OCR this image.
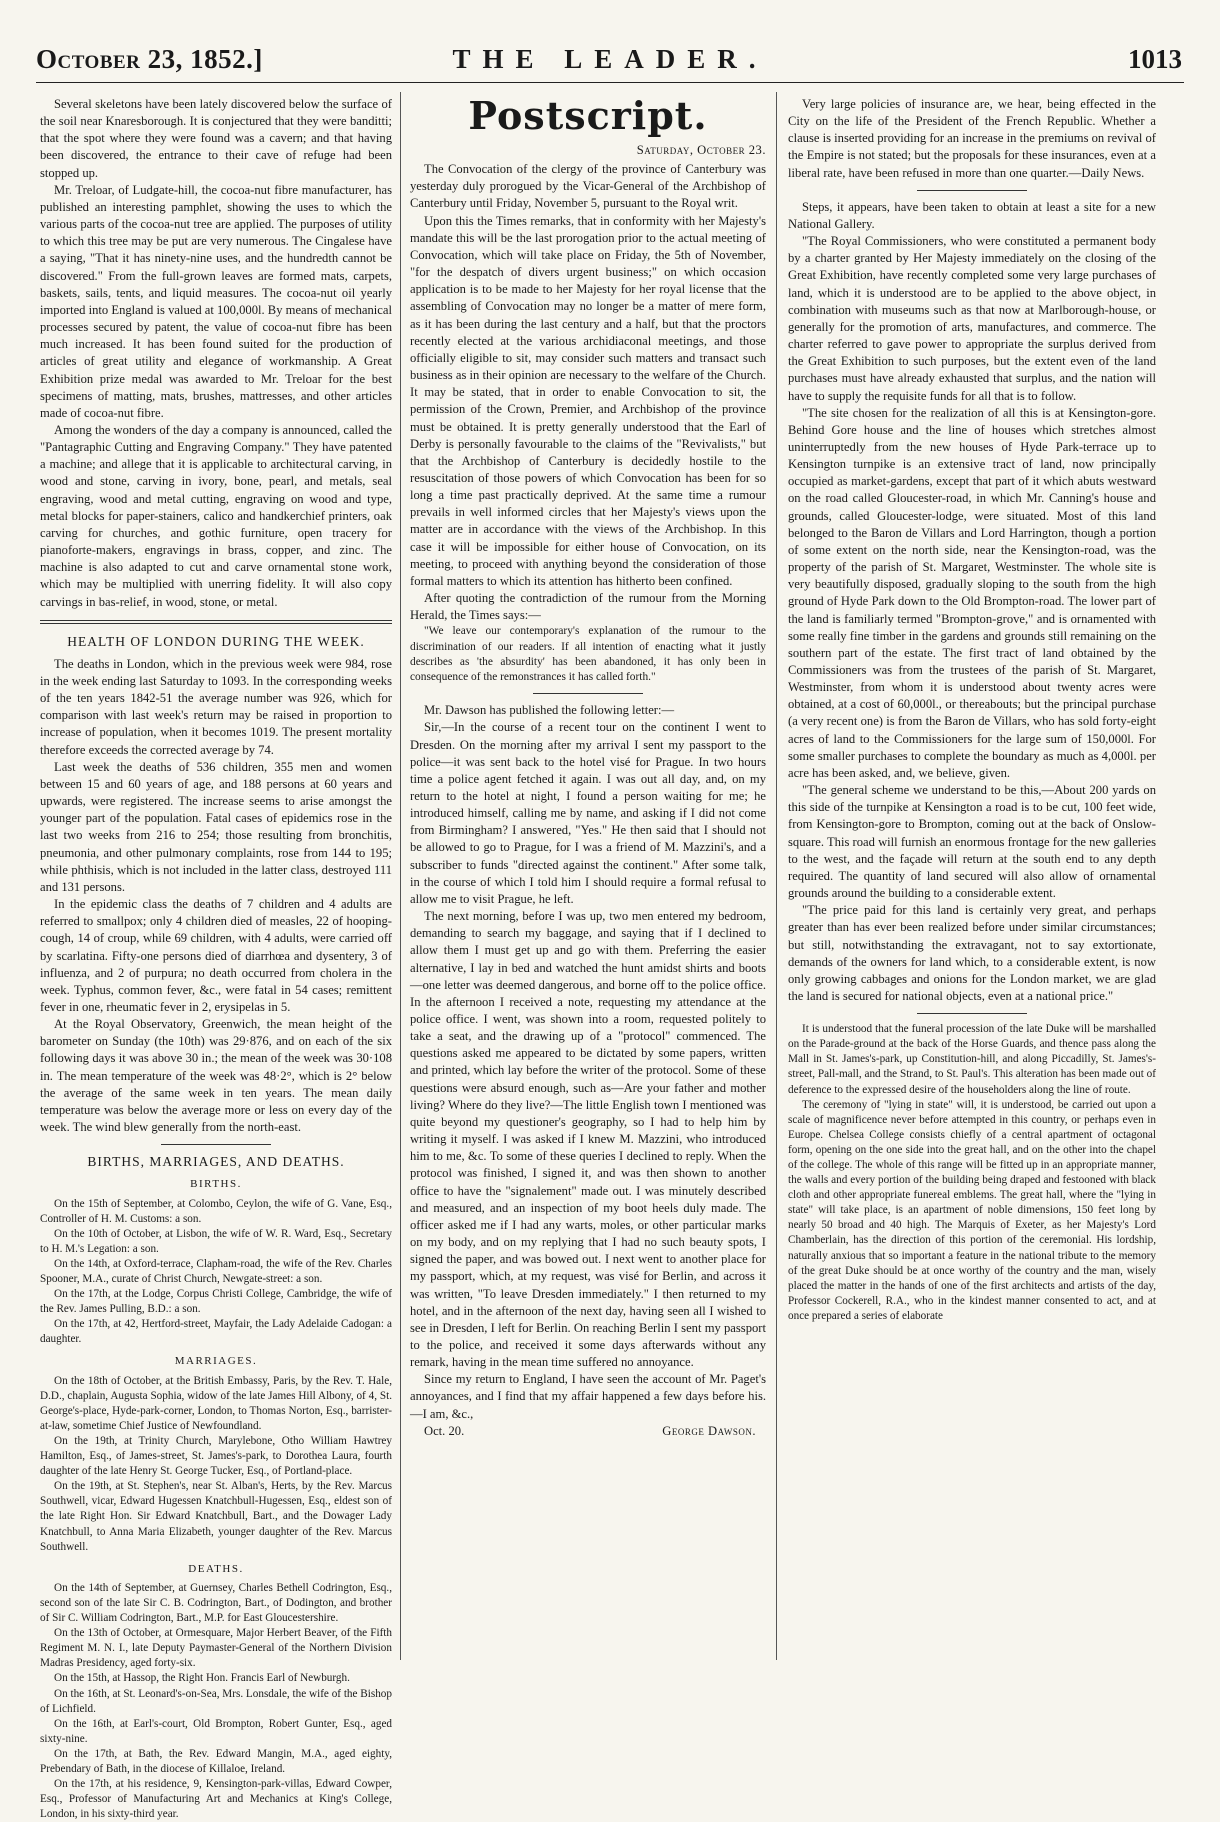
October 23, 1852.]	THE LEADER.	1013

Several skeletons have been lately discovered below the surface of the soil near Knaresborough. It is conjectured that they were banditti; that the spot where they were found was a cavern; and that having been discovered, the entrance to their cave of refuge had been stopped up.

Mr. Treloar, of Ludgate-hill, the cocoa-nut fibre manufacturer, has published an interesting pamphlet, showing the uses to which the various parts of the cocoa-nut tree are applied. The purposes of utility to which this tree may be put are very numerous. The Cingalese have a saying, "That it has ninety-nine uses, and the hundredth cannot be discovered." From the full-grown leaves are formed mats, carpets, baskets, sails, tents, and liquid measures. The cocoa-nut oil yearly imported into England is valued at 100,000l. By means of mechanical processes secured by patent, the value of cocoa-nut fibre has been much increased. It has been found suited for the production of articles of great utility and elegance of workmanship. A Great Exhibition prize medal was awarded to Mr. Treloar for the best specimens of matting, mats, brushes, mattresses, and other articles made of cocoa-nut fibre.

Among the wonders of the day a company is announced, called the "Pantagraphic Cutting and Engraving Company." They have patented a machine; and allege that it is applicable to architectural carving, in wood and stone, carving in ivory, bone, pearl, and metals, seal engraving, wood and metal cutting, engraving on wood and type, metal blocks for paper-stainers, calico and handkerchief printers, oak carving for churches, and gothic furniture, open tracery for pianoforte-makers, engravings in brass, copper, and zinc. The machine is also adapted to cut and carve ornamental stone work, which may be multiplied with unerring fidelity. It will also copy carvings in bas-relief, in wood, stone, or metal.

HEALTH OF LONDON DURING THE WEEK.

The deaths in London, which in the previous week were 984, rose in the week ending last Saturday to 1093. In the corresponding weeks of the ten years 1842-51 the average number was 926, which for comparison with last week's return may be raised in proportion to increase of population, when it becomes 1019. The present mortality therefore exceeds the corrected average by 74.

Last week the deaths of 536 children, 355 men and women between 15 and 60 years of age, and 188 persons at 60 years and upwards, were registered. The increase seems to arise amongst the younger part of the population. Fatal cases of epidemics rose in the last two weeks from 216 to 254; those resulting from bronchitis, pneumonia, and other pulmonary complaints, rose from 144 to 195; while phthisis, which is not included in the latter class, destroyed 111 and 131 persons.

In the epidemic class the deaths of 7 children and 4 adults are referred to smallpox; only 4 children died of measles, 22 of hooping-cough, 14 of croup, while 69 children, with 4 adults, were carried off by scarlatina. Fifty-one persons died of diarrhœa and dysentery, 3 of influenza, and 2 of purpura; no death occurred from cholera in the week. Typhus, common fever, &c., were fatal in 54 cases; remittent fever in one, rheumatic fever in 2, erysipelas in 5.

At the Royal Observatory, Greenwich, the mean height of the barometer on Sunday (the 10th) was 29·876, and on each of the six following days it was above 30 in.; the mean of the week was 30·108 in. The mean temperature of the week was 48·2°, which is 2° below the average of the same week in ten years. The mean daily temperature was below the average more or less on every day of the week. The wind blew generally from the north-east.

BIRTHS, MARRIAGES, AND DEATHS.
BIRTHS.

On the 15th of September, at Colombo, Ceylon, the wife of G. Vane, Esq., Controller of H. M. Customs: a son.

On the 10th of October, at Lisbon, the wife of W. R. Ward, Esq., Secretary to H. M.'s Legation: a son.

On the 14th, at Oxford-terrace, Clapham-road, the wife of the Rev. Charles Spooner, M.A., curate of Christ Church, Newgate-street: a son.

On the 17th, at the Lodge, Corpus Christi College, Cambridge, the wife of the Rev. James Pulling, B.D.: a son.

On the 17th, at 42, Hertford-street, Mayfair, the Lady Adelaide Cadogan: a daughter.

MARRIAGES.

On the 18th of October, at the British Embassy, Paris, by the Rev. T. Hale, D.D., chaplain, Augusta Sophia, widow of the late James Hill Albony, of 4, St. George's-place, Hyde-park-corner, London, to Thomas Norton, Esq., barrister-at-law, sometime Chief Justice of Newfoundland.

On the 19th, at Trinity Church, Marylebone, Otho William Hawtrey Hamilton, Esq., of James-street, St. James's-park, to Dorothea Laura, fourth daughter of the late Henry St. George Tucker, Esq., of Portland-place.

On the 19th, at St. Stephen's, near St. Alban's, Herts, by the Rev. Marcus Southwell, vicar, Edward Hugessen Knatchbull-Hugessen, Esq., eldest son of the late Right Hon. Sir Edward Knatchbull, Bart., and the Dowager Lady Knatchbull, to Anna Maria Elizabeth, younger daughter of the Rev. Marcus Southwell.

DEATHS.

On the 14th of September, at Guernsey, Charles Bethell Codrington, Esq., second son of the late Sir C. B. Codrington, Bart., of Dodington, and brother of Sir C. William Codrington, Bart., M.P. for East Gloucestershire.

On the 13th of October, at Ormesquare, Major Herbert Beaver, of the Fifth Regiment M. N. I., late Deputy Paymaster-General of the Northern Division Madras Presidency, aged forty-six.

On the 15th, at Hassop, the Right Hon. Francis Earl of Newburgh.

On the 16th, at St. Leonard's-on-Sea, Mrs. Lonsdale, the wife of the Bishop of Lichfield.

On the 16th, at Earl's-court, Old Brompton, Robert Gunter, Esq., aged sixty-nine.

On the 17th, at Bath, the Rev. Edward Mangin, M.A., aged eighty, Prebendary of Bath, in the diocese of Killaloe, Ireland.

On the 17th, at his residence, 9, Kensington-park-villas, Edward Cowper, Esq., Professor of Manufacturing Art and Mechanics at King's College, London, in his sixty-third year.

Postscript.
Saturday, October 23.

The Convocation of the clergy of the province of Canterbury was yesterday duly prorogued by the Vicar-General of the Archbishop of Canterbury until Friday, November 5, pursuant to the Royal writ.

Upon this the Times remarks, that in conformity with her Majesty's mandate this will be the last prorogation prior to the actual meeting of Convocation, which will take place on Friday, the 5th of November, "for the despatch of divers urgent business;" on which occasion application is to be made to her Majesty for her royal license that the assembling of Convocation may no longer be a matter of mere form, as it has been during the last century and a half, but that the proctors recently elected at the various archidiaconal meetings, and those officially eligible to sit, may consider such matters and transact such business as in their opinion are necessary to the welfare of the Church. It may be stated, that in order to enable Convocation to sit, the permission of the Crown, Premier, and Archbishop of the province must be obtained. It is pretty generally understood that the Earl of Derby is personally favourable to the claims of the "Revivalists," but that the Archbishop of Canterbury is decidedly hostile to the resuscitation of those powers of which Convocation has been for so long a time past practically deprived. At the same time a rumour prevails in well informed circles that her Majesty's views upon the matter are in accordance with the views of the Archbishop. In this case it will be impossible for either house of Convocation, on its meeting, to proceed with anything beyond the consideration of those formal matters to which its attention has hitherto been confined.

After quoting the contradiction of the rumour from the Morning Herald, the Times says:—

"We leave our contemporary's explanation of the rumour to the discrimination of our readers. If all intention of enacting what it justly describes as 'the absurdity' has been abandoned, it has only been in consequence of the remonstrances it has called forth."

Mr. Dawson has published the following letter:—

Sir,—In the course of a recent tour on the continent I went to Dresden. On the morning after my arrival I sent my passport to the police—it was sent back to the hotel visé for Prague. In two hours time a police agent fetched it again. I was out all day, and, on my return to the hotel at night, I found a person waiting for me; he introduced himself, calling me by name, and asking if I did not come from Birmingham? I answered, "Yes." He then said that I should not be allowed to go to Prague, for I was a friend of M. Mazzini's, and a subscriber to funds "directed against the continent." After some talk, in the course of which I told him I should require a formal refusal to allow me to visit Prague, he left.

The next morning, before I was up, two men entered my bedroom, demanding to search my baggage, and saying that if I declined to allow them I must get up and go with them. Preferring the easier alternative, I lay in bed and watched the hunt amidst shirts and boots—one letter was deemed dangerous, and borne off to the police office. In the afternoon I received a note, requesting my attendance at the police office. I went, was shown into a room, requested politely to take a seat, and the drawing up of a "protocol" commenced. The questions asked me appeared to be dictated by some papers, written and printed, which lay before the writer of the protocol. Some of these questions were absurd enough, such as—Are your father and mother living? Where do they live?—The little English town I mentioned was quite beyond my questioner's geography, so I had to help him by writing it myself. I was asked if I knew M. Mazzini, who introduced him to me, &c. To some of these queries I declined to reply. When the protocol was finished, I signed it, and was then shown to another office to have the "signalement" made out. I was minutely described and measured, and an inspection of my boot heels duly made. The officer asked me if I had any warts, moles, or other particular marks on my body, and on my replying that I had no such beauty spots, I signed the paper, and was bowed out. I next went to another place for my passport, which, at my request, was visé for Berlin, and across it was written, "To leave Dresden immediately." I then returned to my hotel, and in the afternoon of the next day, having seen all I wished to see in Dresden, I left for Berlin. On reaching Berlin I sent my passport to the police, and received it some days afterwards without any remark, having in the mean time suffered no annoyance.

Since my return to England, I have seen the account of Mr. Paget's annoyances, and I find that my affair happened a few days before his.—I am, &c.,

Oct. 20.	George Dawson.

Very large policies of insurance are, we hear, being effected in the City on the life of the President of the French Republic. Whether a clause is inserted providing for an increase in the premiums on revival of the Empire is not stated; but the proposals for these insurances, even at a liberal rate, have been refused in more than one quarter.—Daily News.

Steps, it appears, have been taken to obtain at least a site for a new National Gallery.

"The Royal Commissioners, who were constituted a permanent body by a charter granted by Her Majesty immediately on the closing of the Great Exhibition, have recently completed some very large purchases of land, which it is understood are to be applied to the above object, in combination with museums such as that now at Marlborough-house, or generally for the promotion of arts, manufactures, and commerce. The charter referred to gave power to appropriate the surplus derived from the Great Exhibition to such purposes, but the extent even of the land purchases must have already exhausted that surplus, and the nation will have to supply the requisite funds for all that is to follow.

"The site chosen for the realization of all this is at Kensington-gore. Behind Gore house and the line of houses which stretches almost uninterruptedly from the new houses of Hyde Park-terrace up to Kensington turnpike is an extensive tract of land, now principally occupied as market-gardens, except that part of it which abuts westward on the road called Gloucester-road, in which Mr. Canning's house and grounds, called Gloucester-lodge, were situated. Most of this land belonged to the Baron de Villars and Lord Harrington, though a portion of some extent on the north side, near the Kensington-road, was the property of the parish of St. Margaret, Westminster. The whole site is very beautifully disposed, gradually sloping to the south from the high ground of Hyde Park down to the Old Brompton-road. The lower part of the land is familiarly termed "Brompton-grove," and is ornamented with some really fine timber in the gardens and grounds still remaining on the southern part of the estate. The first tract of land obtained by the Commissioners was from the trustees of the parish of St. Margaret, Westminster, from whom it is understood about twenty acres were obtained, at a cost of 60,000l., or thereabouts; but the principal purchase (a very recent one) is from the Baron de Villars, who has sold forty-eight acres of land to the Commissioners for the large sum of 150,000l. For some smaller purchases to complete the boundary as much as 4,000l. per acre has been asked, and, we believe, given.

"The general scheme we understand to be this,—About 200 yards on this side of the turnpike at Kensington a road is to be cut, 100 feet wide, from Kensington-gore to Brompton, coming out at the back of Onslow-square. This road will furnish an enormous frontage for the new galleries to the west, and the façade will return at the south end to any depth required. The quantity of land secured will also allow of ornamental grounds around the building to a considerable extent.

"The price paid for this land is certainly very great, and perhaps greater than has ever been realized before under similar circumstances; but still, notwithstanding the extravagant, not to say extortionate, demands of the owners for land which, to a considerable extent, is now only growing cabbages and onions for the London market, we are glad the land is secured for national objects, even at a national price."

It is understood that the funeral procession of the late Duke will be marshalled on the Parade-ground at the back of the Horse Guards, and thence pass along the Mall in St. James's-park, up Constitution-hill, and along Piccadilly, St. James's-street, Pall-mall, and the Strand, to St. Paul's. This alteration has been made out of deference to the expressed desire of the householders along the line of route.

The ceremony of "lying in state" will, it is understood, be carried out upon a scale of magnificence never before attempted in this country, or perhaps even in Europe. Chelsea College consists chiefly of a central apartment of octagonal form, opening on the one side into the great hall, and on the other into the chapel of the college. The whole of this range will be fitted up in an appropriate manner, the walls and every portion of the building being draped and festooned with black cloth and other appropriate funereal emblems. The great hall, where the "lying in state" will take place, is an apartment of noble dimensions, 150 feet long by nearly 50 broad and 40 high. The Marquis of Exeter, as her Majesty's Lord Chamberlain, has the direction of this portion of the ceremonial. His lordship, naturally anxious that so important a feature in the national tribute to the memory of the great Duke should be at once worthy of the country and the man, wisely placed the matter in the hands of one of the first architects and artists of the day, Professor Cockerell, R.A., who in the kindest manner consented to act, and at once prepared a series of elaborate
